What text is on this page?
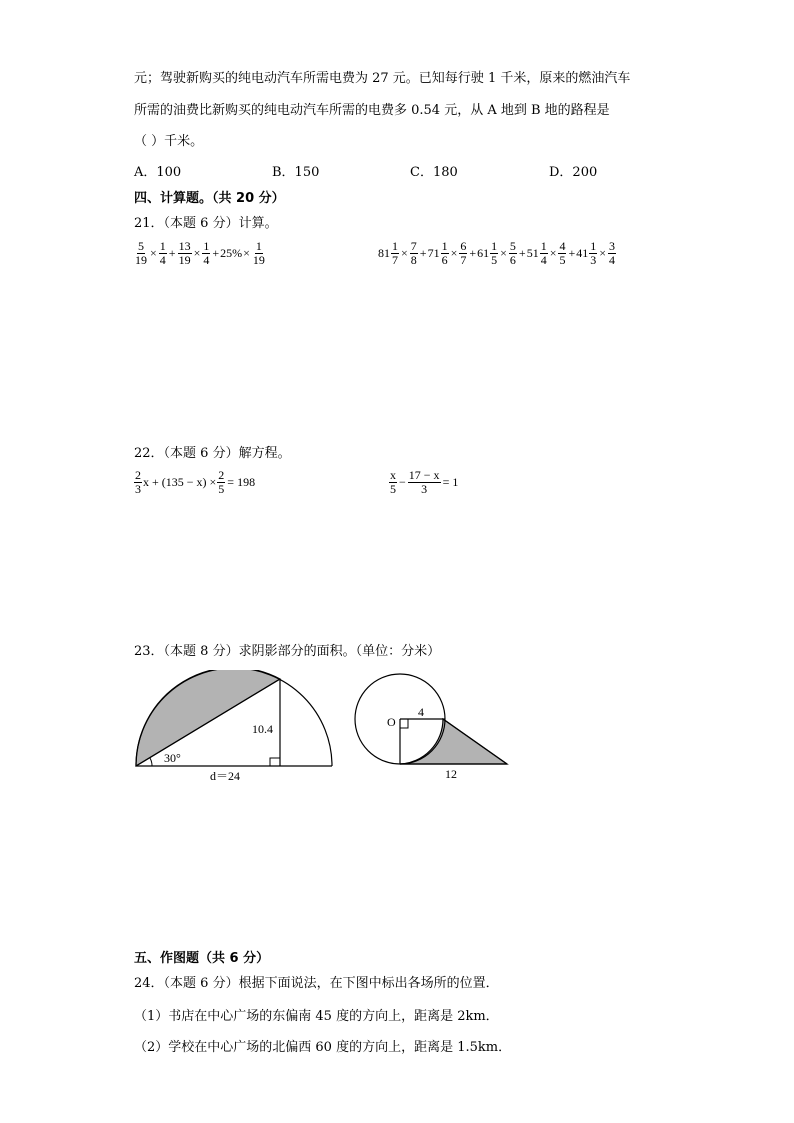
元；驾驶新购买的纯电动汽车所需电费为 27 元。已知每行驶 1 千米，原来的燃油汽车
所需的油费比新购买的纯电动汽车所需的电费多 0.54 元，从 A 地到 B 地的路程是
（ ）千米。
A．100	B．150	C．180	D．200
四、计算题。（共 20 分）
21．（本题 6 分）计算。
$\frac{5}{19} \times \frac{1}{4} + \frac{13}{19} \times \frac{1}{4} + 25\% \times \frac{1}{19}$	$81 \frac{1}{7} \times \frac{7}{8} + 71 \frac{1}{6} \times \frac{6}{7} + 61 \frac{1}{5} \times \frac{5}{6} + 51 \frac{1}{4} \times \frac{4}{5} + 41 \frac{1}{3} \times \frac{3}{4}$
22．（本题 6 分）解方程。
$\frac{2}{3}$ $x + (135 - x) \times \frac{2}{5} = 198$	$\frac{x}{5} - \frac{17 - x}{3} = 1$
23．（本题 8 分）求阴影部分的面积。（单位：分米）
10.4
30°
d＝24
O
4
12
五、作图题（共 6 分）
24．（本题 6 分）根据下面说法，在下图中标出各场所的位置．
（1）书店在中心广场的东偏南 45 度的方向上，距离是 2km．
（2）学校在中心广场的北偏西 60 度的方向上，距离是 1.5km．
